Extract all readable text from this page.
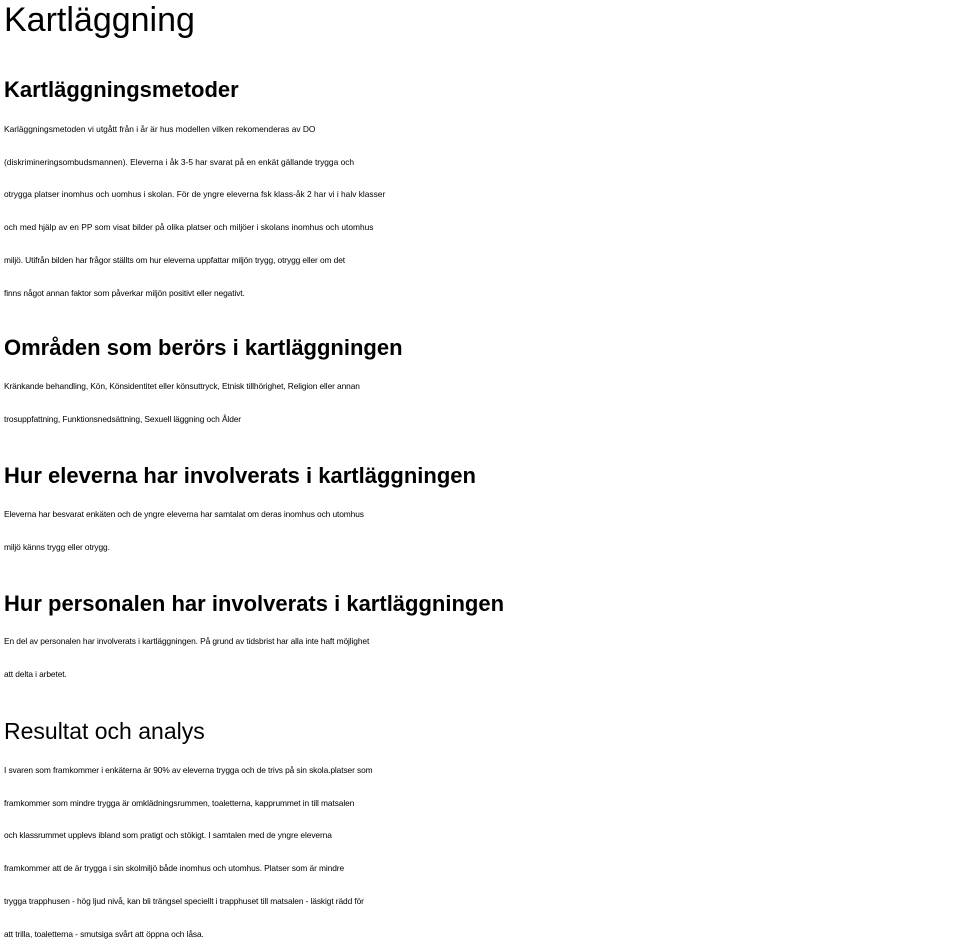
Kartläggning
Kartläggningsmetoder

Karläggningsmetoden vi utgått från i år är hus modellen vilken rekomenderas av DO
(diskrimineringsombudsmannen). Eleverna i åk 3-5 har svarat på en enkät gällande trygga och
otrygga platser inomhus och uomhus i skolan. För de yngre eleverna fsk klass-åk 2 har vi i halv klasser
och med hjälp av en PP som visat bilder på olika platser och miljöer i skolans inomhus och utomhus
miljö. Utifrån bilden har frågor ställts om hur eleverna uppfattar miljön trygg, otrygg eller om det
finns något annan faktor som påverkar miljön positivt eller negativt.

Områden som berörs i kartläggningen

Kränkande behandling, Kön, Könsidentitet eller könsuttryck, Etnisk tillhörighet, Religion eller annan
trosuppfattning, Funktionsnedsättning, Sexuell läggning och Ålder

Hur eleverna har involverats i kartläggningen

Eleverna har besvarat enkäten och de yngre eleverna har samtalat om deras inomhus och utomhus
miljö känns trygg eller otrygg.

Hur personalen har involverats i kartläggningen

En del av personalen har involverats i kartläggningen. På grund av tidsbrist har alla inte haft möjlighet
att delta i arbetet.

Resultat och analys

I svaren som framkommer i enkäterna är 90% av eleverna trygga och de trivs på sin skola.platser som
framkommer som mindre trygga är omklädningsrummen, toaletterna, kapprummet in till matsalen
och klassrummet upplevs ibland som pratigt och stökigt. I samtalen med de yngre eleverna
framkommer att de är trygga i sin skolmiljö både inomhus och utomhus. Platser som är mindre
trygga trapphusen - hög ljud nivå, kan bli trängsel speciellt i trapphuset till matsalen - läskigt rädd för
att trilla, toaletterna - smutsiga svårt att öppna och låsa.
